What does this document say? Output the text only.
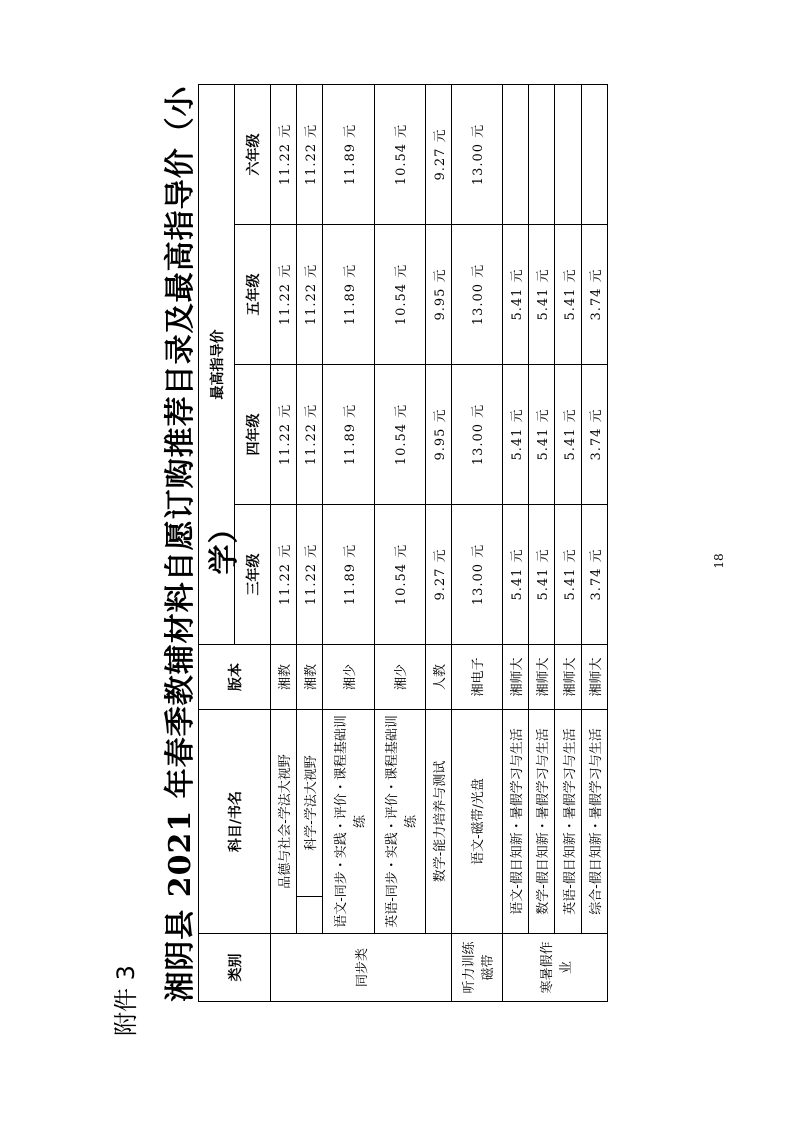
附件 3 湘阴县 2021 年春季教辅材料自愿订购推荐目录及最高指导价（小学）
类别	科目/书名		版本	最高指导价			
				三年级	四年级	五年级	六年级
同步类	品德与社会-学法大视野		湘教	11.22 元	11.22 元	11.22 元	11.22 元
		科学-学法大视野	湘教	11.22 元	11.22 元	11.22 元	11.22 元
	语文-同步・实践・评价・课程基础训练		湘少	11.89 元	11.89 元	11.89 元	11.89 元
	英语-同步・实践・评价・课程基础训练		湘少	10.54 元	10.54 元	10.54 元	10.54 元
	数学-能力培养与测试		人教	9.27 元	9.95 元	9.95 元	9.27 元
听力训练磁带	语文-磁带/光盘		湘电子	13.00 元	13.00 元	13.00 元	13.00 元
寒暑假作业	语文-假日知新・暑假学习与生活		湘师大	5.41 元	5.41 元	5.41 元	
	数学-假日知新・暑假学习与生活		湘师大	5.41 元	5.41 元	5.41 元	
	英语-假日知新・暑假学习与生活		湘师大	5.41 元	5.41 元	5.41 元	
	综合-假日知新・暑假学习与生活		湘师大	3.74 元	3.74 元	3.74 元	
18
